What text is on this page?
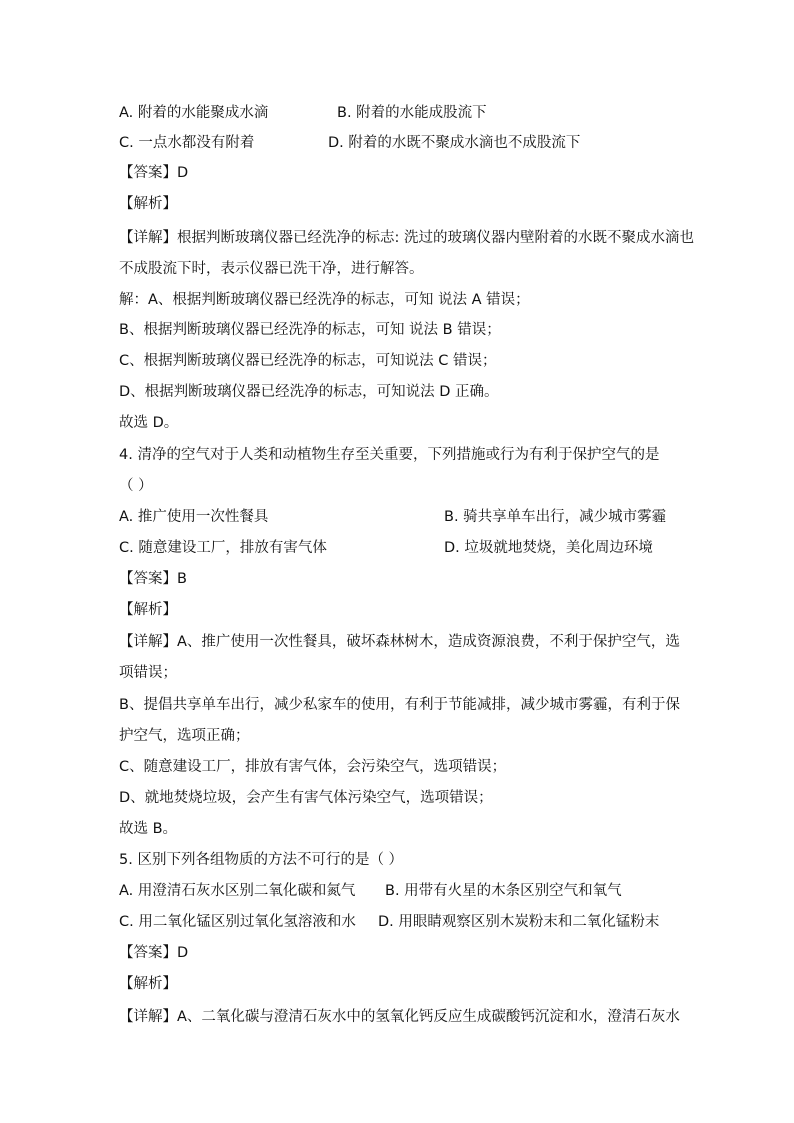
A. 附着的水能聚成水滴	B. 附着的水能成股流下
C. 一点水都没有附着	D. 附着的水既不聚成水滴也不成股流下
【答案】D
【解析】
【详解】根据判断玻璃仪器已经洗净的标志: 洗过的玻璃仪器内壁附着的水既不聚成水滴也
不成股流下时，表示仪器已洗干净，进行解答。
解：A、根据判断玻璃仪器已经洗净的标志，可知 说法 A 错误；
B、根据判断玻璃仪器已经洗净的标志，可知 说法 B 错误；
C、根据判断玻璃仪器已经洗净的标志，可知说法 C 错误；
D、根据判断玻璃仪器已经洗净的标志，可知说法 D 正确。
故选 D。
4. 清净的空气对于人类和动植物生存至关重要，下列措施或行为有利于保护空气的是
（ ）
A. 推广使用一次性餐具	B. 骑共享单车出行，减少城市雾霾
C. 随意建设工厂，排放有害气体	D. 垃圾就地焚烧，美化周边环境
【答案】B
【解析】
【详解】A、推广使用一次性餐具，破坏森林树木，造成资源浪费，不利于保护空气，选
项错误；
B、提倡共享单车出行，减少私家车的使用，有利于节能减排，减少城市雾霾，有利于保
护空气，选项正确；
C、随意建设工厂，排放有害气体，会污染空气，选项错误；
D、就地焚烧垃圾，会产生有害气体污染空气，选项错误；
故选 B。
5. 区别下列各组物质的方法不可行的是（ ）
A. 用澄清石灰水区别二氧化碳和氮气 B. 用带有火星的木条区别空气和氧气
C. 用二氧化锰区别过氧化氢溶液和水 D. 用眼睛观察区别木炭粉末和二氧化锰粉末
【答案】D
【解析】
【详解】A、二氧化碳与澄清石灰水中的氢氧化钙反应生成碳酸钙沉淀和水，澄清石灰水
